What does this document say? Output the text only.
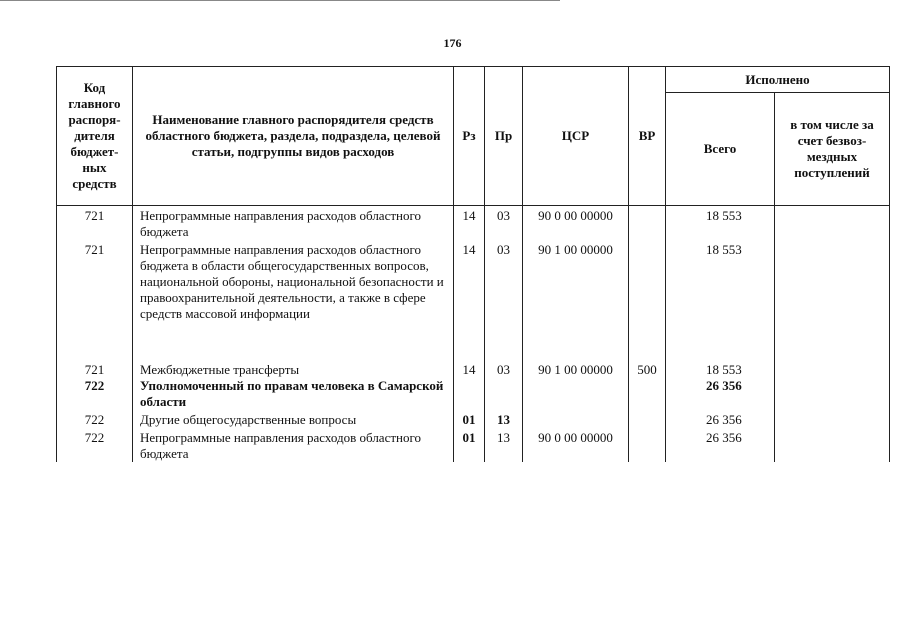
176
Код главного распоря-дителя бюджет-ных средств	Наименование главного распорядителя средств областного бюджета, раздела, подраздела, целевой статьи, подгруппы видов расходов	Рз	Пр	ЦСР	ВР	Исполнено	
						Всего	в том числе за счет безвоз-мездных поступлений

721	Непрограммные направления расходов областного бюджета	14	03	90 0 00 00000		18 553	

721	Непрограммные направления расходов областного бюджета в области общегосударственных вопросов, национальной обороны, национальной безопасности и правоохранительной деятельности, а также в сфере средств массовой информации	14	03	90 1 00 00000		18 553	

721	Межбюджетные трансферты	14	03	90 1 00 00000	500	18 553	
722	Уполномоченный по правам человека в Самарской области					26 356	

722	Другие общегосударственные вопросы	01	13			26 356	

722	Непрограммные направления расходов областного бюджета	01	13	90 0 00 00000		26 356	
